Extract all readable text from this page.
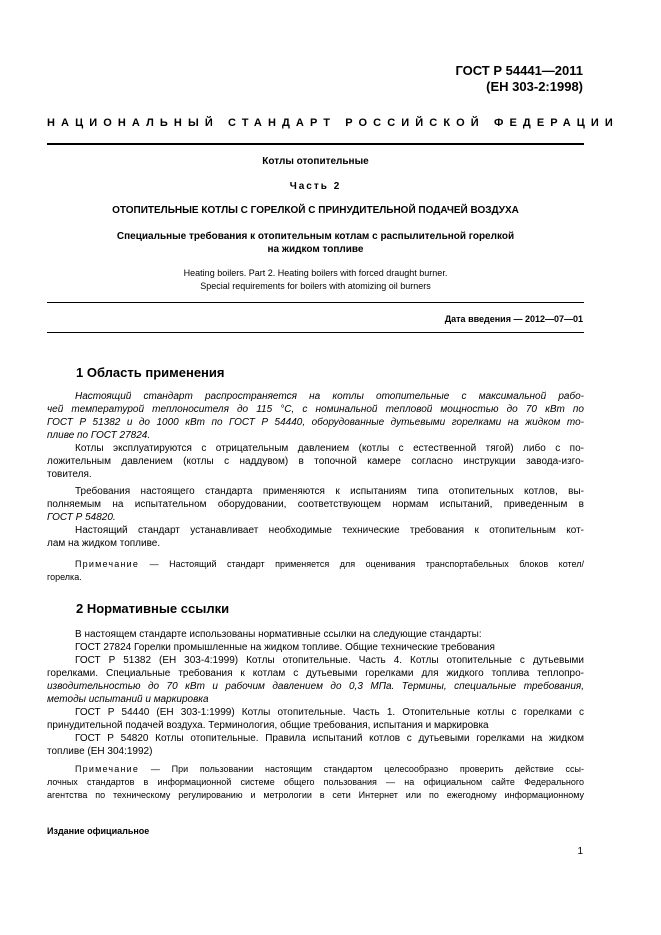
ГОСТ Р 54441—2011
(ЕН 303-2:1998)
НАЦИОНАЛЬНЫЙ СТАНДАРТ РОССИЙСКОЙ ФЕДЕРАЦИИ
Котлы отопительные
Часть 2
ОТОПИТЕЛЬНЫЕ КОТЛЫ С ГОРЕЛКОЙ С ПРИНУДИТЕЛЬНОЙ ПОДАЧЕЙ ВОЗДУХА
Специальные требования к отопительным котлам с распылительной горелкой
на жидком топливе
Heating boilers. Part 2. Heating boilers with forced draught burner.
Special requirements for boilers with atomizing oil burners
Дата введения — 2012—07—01
1 Область применения
Настоящий стандарт распространяется на котлы отопительные с максимальной рабо-
чей температурой теплоносителя до 115 °С, с номинальной тепловой мощностью до 70 кВт по
ГОСТ Р 51382 и до 1000 кВт по ГОСТ Р 54440, оборудованные дутьевыми горелками на жидком то-
пливе по ГОСТ 27824.
Котлы эксплуатируются с отрицательным давлением (котлы с естественной тягой) либо с по-
ложительным давлением (котлы с наддувом) в топочной камере согласно инструкции завода-изго-
товителя.
Требования настоящего стандарта применяются к испытаниям типа отопительных котлов, вы-
полняемым на испытательном оборудовании, соответствующем нормам испытаний, приведенным в
ГОСТ Р 54820.
Настоящий стандарт устанавливает необходимые технические требования к отопительным кот-
лам на жидком топливе.
Примечание — Настоящий стандарт применяется для оценивания транспортабельных блоков котел/
горелка.
2 Нормативные ссылки
В настоящем стандарте использованы нормативные ссылки на следующие стандарты:
ГОСТ 27824 Горелки промышленные на жидком топливе. Общие технические требования
ГОСТ Р 51382 (ЕН 303-4:1999) Котлы отопительные. Часть 4. Котлы отопительные с дутьевыми
горелками. Специальные требования к котлам с дутьевыми горелками для жидкого топлива теплопро-
изводительностью до 70 кВт и рабочим давлением до 0,3 МПа. Термины, специальные требования,
методы испытаний и маркировка
ГОСТ Р 54440 (ЕН 303-1:1999) Котлы отопительные. Часть 1. Отопительные котлы с горелками с
принудительной подачей воздуха. Терминология, общие требования, испытания и маркировка
ГОСТ Р 54820 Котлы отопительные. Правила испытаний котлов с дутьевыми горелками на жидком
топливе (ЕН 304:1992)
Примечание — При пользовании настоящим стандартом целесообразно проверить действие ссы-
лочных стандартов в информационной системе общего пользования — на официальном сайте Федерального
агентства по техническому регулированию и метрологии в сети Интернет или по ежегодному информационному
Издание официальное
1
